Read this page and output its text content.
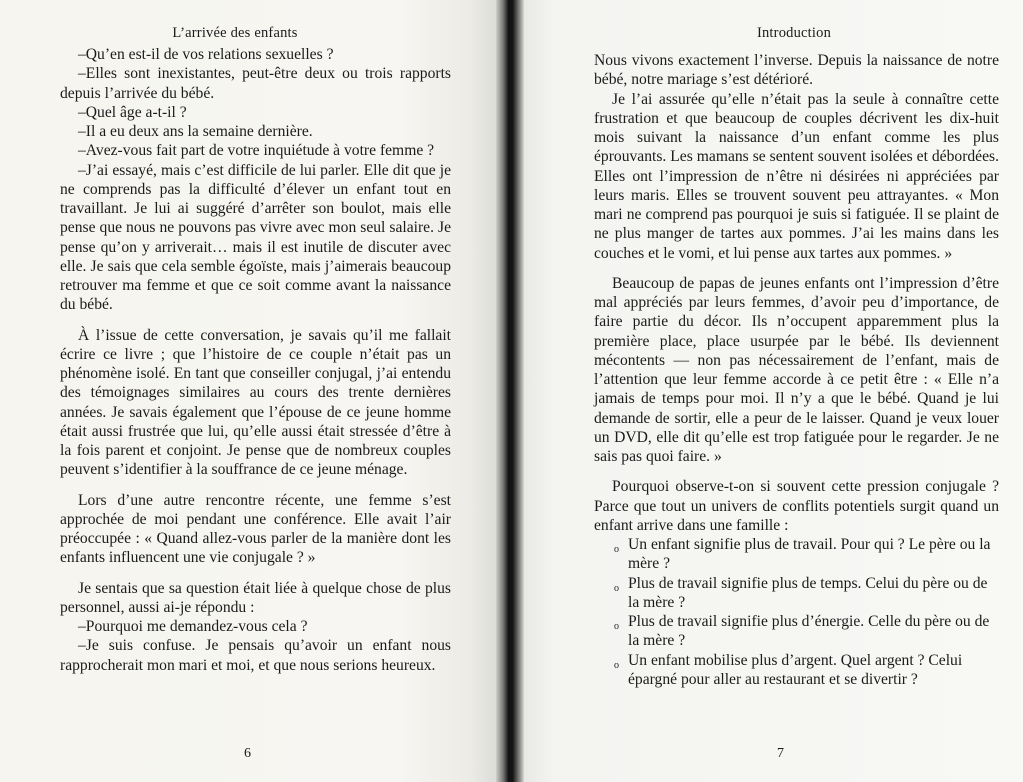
L’arrivée des enfants

–Qu’en est-il de vos relations sexuelles ?

–Elles sont inexistantes, peut-être deux ou trois rapports depuis l’arrivée du bébé.

–Quel âge a-t-il ?

–Il a eu deux ans la semaine dernière.

–Avez-vous fait part de votre inquiétude à votre femme ?

–J’ai essayé, mais c’est difficile de lui parler. Elle dit que je ne comprends pas la difficulté d’élever un enfant tout en travaillant. Je lui ai suggéré d’arrêter son boulot, mais elle pense que nous ne pouvons pas vivre avec mon seul salaire. Je pense qu’on y arriverait… mais il est inutile de discuter avec elle. Je sais que cela semble égoïste, mais j’aimerais beaucoup retrouver ma femme et que ce soit comme avant la naissance du bébé.

À l’issue de cette conversation, je savais qu’il me fallait écrire ce livre ; que l’histoire de ce couple n’était pas un phénomène isolé. En tant que conseiller conjugal, j’ai entendu des témoignages similaires au cours des trente dernières années. Je savais également que l’épouse de ce jeune homme était aussi frustrée que lui, qu’elle aussi était stressée d’être à la fois parent et conjoint. Je pense que de nombreux couples peuvent s’identifier à la souffrance de ce jeune ménage.

Lors d’une autre rencontre récente, une femme s’est approchée de moi pendant une conférence. Elle avait l’air préoccupée : « Quand allez-vous parler de la manière dont les enfants influencent une vie conjugale ? »

Je sentais que sa question était liée à quelque chose de plus personnel, aussi ai-je répondu :

–Pourquoi me demandez-vous cela ?

–Je suis confuse. Je pensais qu’avoir un enfant nous rapprocherait mon mari et moi, et que nous serions heureux.

6
Introduction

Nous vivons exactement l’inverse. Depuis la naissance de notre bébé, notre mariage s’est détérioré.

Je l’ai assurée qu’elle n’était pas la seule à connaître cette frustration et que beaucoup de couples décrivent les dix-huit mois suivant la naissance d’un enfant comme les plus éprouvants. Les mamans se sentent souvent isolées et débordées. Elles ont l’impression de n’être ni désirées ni appréciées par leurs maris. Elles se trouvent souvent peu attrayantes. « Mon mari ne comprend pas pourquoi je suis si fatiguée. Il se plaint de ne plus manger de tartes aux pommes. J’ai les mains dans les couches et le vomi, et lui pense aux tartes aux pommes. »

Beaucoup de papas de jeunes enfants ont l’impression d’être mal appréciés par leurs femmes, d’avoir peu d’importance, de faire partie du décor. Ils n’occupent apparemment plus la première place, place usurpée par le bébé. Ils deviennent mécontents — non pas nécessairement de l’enfant, mais de l’attention que leur femme accorde à ce petit être : « Elle n’a jamais de temps pour moi. Il n’y a que le bébé. Quand je lui demande de sortir, elle a peur de le laisser. Quand je veux louer un DVD, elle dit qu’elle est trop fatiguée pour le regarder. Je ne sais pas quoi faire. »

Pourquoi observe-t-on si souvent cette pression conjugale ? Parce que tout un univers de conflits potentiels surgit quand un enfant arrive dans une famille :

o Un enfant signifie plus de travail. Pour qui ? Le père ou la mère ?
o Plus de travail signifie plus de temps. Celui du père ou de la mère ?
o Plus de travail signifie plus d’énergie. Celle du père ou de la mère ?
o Un enfant mobilise plus d’argent. Quel argent ? Celui épargné pour aller au restaurant et se divertir ?
7
